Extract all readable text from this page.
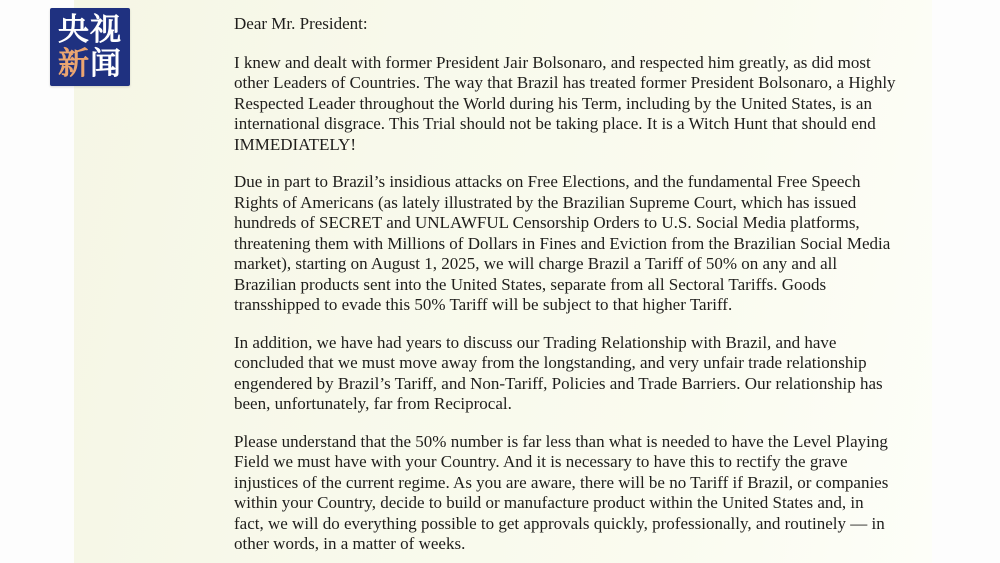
Dear Mr. President:
I knew and dealt with former President Jair Bolsonaro, and respected him greatly, as did most
other Leaders of Countries. The way that Brazil has treated former President Bolsonaro, a Highly
Respected Leader throughout the World during his Term, including by the United States, is an
international disgrace. This Trial should not be taking place. It is a Witch Hunt that should end
IMMEDIATELY!
Due in part to Brazil’s insidious attacks on Free Elections, and the fundamental Free Speech
Rights of Americans (as lately illustrated by the Brazilian Supreme Court, which has issued
hundreds of SECRET and UNLAWFUL Censorship Orders to U.S. Social Media platforms,
threatening them with Millions of Dollars in Fines and Eviction from the Brazilian Social Media
market), starting on August 1, 2025, we will charge Brazil a Tariff of 50% on any and all
Brazilian products sent into the United States, separate from all Sectoral Tariffs. Goods
transshipped to evade this 50% Tariff will be subject to that higher Tariff.
In addition, we have had years to discuss our Trading Relationship with Brazil, and have
concluded that we must move away from the longstanding, and very unfair trade relationship
engendered by Brazil’s Tariff, and Non-Tariff, Policies and Trade Barriers. Our relationship has
been, unfortunately, far from Reciprocal.
Please understand that the 50% number is far less than what is needed to have the Level Playing
Field we must have with your Country. And it is necessary to have this to rectify the grave
injustices of the current regime. As you are aware, there will be no Tariff if Brazil, or companies
within your Country, decide to build or manufacture product within the United States and, in
fact, we will do everything possible to get approvals quickly, professionally, and routinely — in
other words, in a matter of weeks.
央视
新闻
